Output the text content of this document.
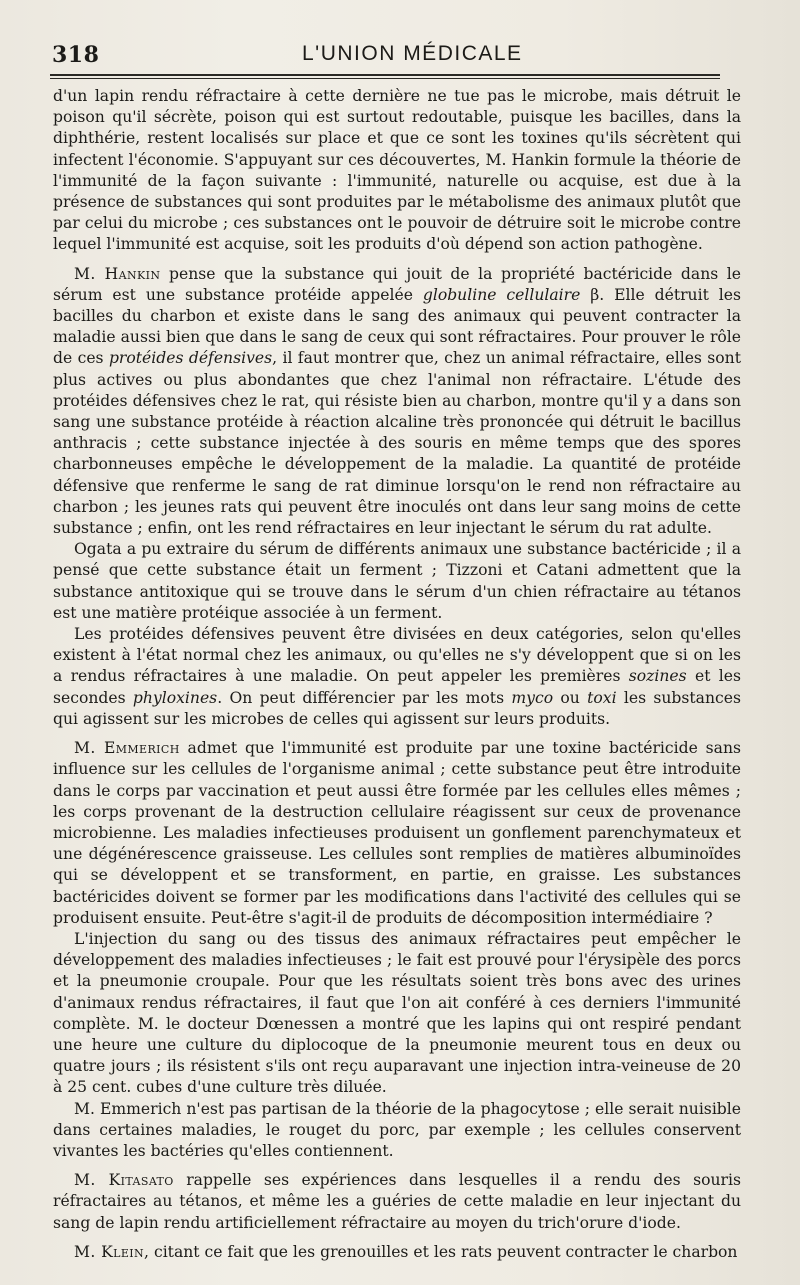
318	L'UNION MÉDICALE

d'un lapin rendu réfractaire à cette dernière ne tue pas le microbe, mais détruit le poison qu'il sécrète, poison qui est surtout redoutable, puisque les bacilles, dans la diphthérie, restent localisés sur place et que ce sont les toxines qu'ils sécrètent qui infectent l'économie. S'appuyant sur ces découvertes, M. Hankin formule la théorie de l'immunité de la façon suivante : l'immunité, naturelle ou acquise, est due à la présence de substances qui sont produites par le métabolisme des animaux plutôt que par celui du microbe ; ces substances ont le pouvoir de détruire soit le microbe contre lequel l'immunité est acquise, soit les produits d'où dépend son action pathogène.

M. Hankin pense que la substance qui jouit de la propriété bactéricide dans le sérum est une substance protéide appelée globuline cellulaire β. Elle détruit les bacilles du charbon et existe dans le sang des animaux qui peuvent contracter la maladie aussi bien que dans le sang de ceux qui sont réfractaires. Pour prouver le rôle de ces protéides défensives, il faut montrer que, chez un animal réfractaire, elles sont plus actives ou plus abondantes que chez l'animal non réfractaire. L'étude des protéides défensives chez le rat, qui résiste bien au charbon, montre qu'il y a dans son sang une substance protéide à réaction alcaline très prononcée qui détruit le bacillus anthracis ; cette substance injectée à des souris en même temps que des spores charbonneuses empêche le développement de la maladie. La quantité de protéide défensive que renferme le sang de rat diminue lorsqu'on le rend non réfractaire au charbon ; les jeunes rats qui peuvent être inoculés ont dans leur sang moins de cette substance ; enfin, ont les rend réfractaires en leur injectant le sérum du rat adulte.

Ogata a pu extraire du sérum de différents animaux une substance bactéricide ; il a pensé que cette substance était un ferment ; Tizzoni et Catani admettent que la substance antitoxique qui se trouve dans le sérum d'un chien réfractaire au tétanos est une matière protéique associée à un ferment.

Les protéides défensives peuvent être divisées en deux catégories, selon qu'elles existent à l'état normal chez les animaux, ou qu'elles ne s'y développent que si on les a rendus réfractaires à une maladie. On peut appeler les premières sozines et les secondes phyloxines. On peut différencier par les mots myco ou toxi les substances qui agissent sur les microbes de celles qui agissent sur leurs produits.

M. Emmerich admet que l'immunité est produite par une toxine bactéricide sans influence sur les cellules de l'organisme animal ; cette substance peut être introduite dans le corps par vaccination et peut aussi être formée par les cellules elles mêmes ; les corps provenant de la destruction cellulaire réagissent sur ceux de provenance microbienne. Les maladies infectieuses produisent un gonflement parenchymateux et une dégénérescence graisseuse. Les cellules sont remplies de matières albuminoïdes qui se développent et se transforment, en partie, en graisse. Les substances bactéricides doivent se former par les modifications dans l'activité des cellules qui se produisent ensuite. Peut-être s'agit-il de produits de décomposition intermédiaire ?

L'injection du sang ou des tissus des animaux réfractaires peut empêcher le développement des maladies infectieuses ; le fait est prouvé pour l'érysipèle des porcs et la pneumonie croupale. Pour que les résultats soient très bons avec des urines d'animaux rendus réfractaires, il faut que l'on ait conféré à ces derniers l'immunité complète. M. le docteur Dœnessen a montré que les lapins qui ont respiré pendant une heure une culture du diplocoque de la pneumonie meurent tous en deux ou quatre jours ; ils résistent s'ils ont reçu auparavant une injection intra-veineuse de 20 à 25 cent. cubes d'une culture très diluée.

M. Emmerich n'est pas partisan de la théorie de la phagocytose ; elle serait nuisible dans certaines maladies, le rouget du porc, par exemple ; les cellules conservent vivantes les bactéries qu'elles contiennent.

M. Kitasato rappelle ses expériences dans lesquelles il a rendu des souris réfractaires au tétanos, et même les a guéries de cette maladie en leur injectant du sang de lapin rendu artificiellement réfractaire au moyen du trich'orure d'iode.

M. Klein, citant ce fait que les grenouilles et les rats peuvent contracter le charbon
